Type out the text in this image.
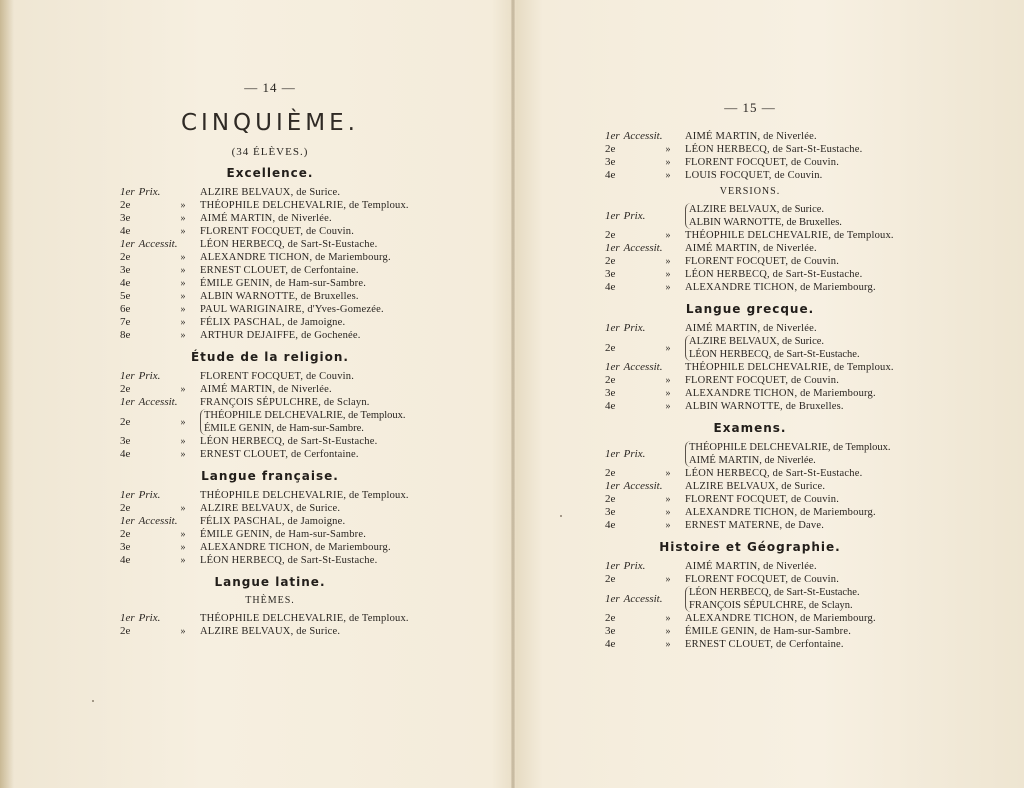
— 14 —
CINQUIÈME.
(34 ÉLÈVES.)
Excellence.
1er Prix.	ALZIRE BELVAUX, de Surice.
2e	»	THÉOPHILE DELCHEVALRIE, de Temploux.
3e	»	AIMÉ MARTIN, de Niverlée.
4e	»	FLORENT FOCQUET, de Couvin.
1er Accessit.	LÉON HERBECQ, de Sart-St-Eustache.
2e	»	ALEXANDRE TICHON, de Mariembourg.
3e	»	ERNEST CLOUET, de Cerfontaine.
4e	»	ÉMILE GENIN, de Ham-sur-Sambre.
5e	»	ALBIN WARNOTTE, de Bruxelles.
6e	»	PAUL WARIGINAIRE, d'Yves-Gomezée.
7e	»	FÉLIX PASCHAL, de Jamoigne.
8e	»	ARTHUR DEJAIFFE, de Gochenée.
Étude de la religion.
1er Prix.	FLORENT FOCQUET, de Couvin.
2e	»	AIMÉ MARTIN, de Niverlée.
1er Accessit.	FRANÇOIS SÉPULCHRE, de Sclayn.
2e	»
THÉOPHILE DELCHEVALRIE, de Temploux.
ÉMILE GENIN, de Ham-sur-Sambre.
3e	»	LÉON HERBECQ, de Sart-St-Eustache.
4e	»	ERNEST CLOUET, de Cerfontaine.
Langue française.
1er Prix.	THÉOPHILE DELCHEVALRIE, de Temploux.
2e	»	ALZIRE BELVAUX, de Surice.
1er Accessit.	FÉLIX PASCHAL, de Jamoigne.
2e	»	ÉMILE GENIN, de Ham-sur-Sambre.
3e	»	ALEXANDRE TICHON, de Mariembourg.
4e	»	LÉON HERBECQ, de Sart-St-Eustache.
Langue latine.
THÈMES.
1er Prix.	THÉOPHILE DELCHEVALRIE, de Temploux.
2e	»	ALZIRE BELVAUX, de Surice.
— 15 —
1er Accessit.	AIMÉ MARTIN, de Niverlée.
2e	»	LÉON HERBECQ, de Sart-St-Eustache.
3e	»	FLORENT FOCQUET, de Couvin.
4e	»	LOUIS FOCQUET, de Couvin.
VERSIONS.
1er Prix.	ALZIRE BELVAUX, de Surice.
ALBIN WARNOTTE, de Bruxelles.
2e	»	THÉOPHILE DELCHEVALRIE, de Temploux.
1er Accessit.	AIMÉ MARTIN, de Niverlée.
2e	»	FLORENT FOCQUET, de Couvin.
3e	»	LÉON HERBECQ, de Sart-St-Eustache.
4e	»	ALEXANDRE TICHON, de Mariembourg.
Langue grecque.
1er Prix.	AIMÉ MARTIN, de Niverlée.
2e	»
ALZIRE BELVAUX, de Surice.
LÉON HERBECQ, de Sart-St-Eustache.
1er Accessit.	THÉOPHILE DELCHEVALRIE, de Temploux.
2e	»	FLORENT FOCQUET, de Couvin.
3e	»	ALEXANDRE TICHON, de Mariembourg.
4e	»	ALBIN WARNOTTE, de Bruxelles.
Examens.
1er Prix.	THÉOPHILE DELCHEVALRIE, de Temploux.
AIMÉ MARTIN, de Niverlée.
2e	»	LÉON HERBECQ, de Sart-St-Eustache.
1er Accessit.	ALZIRE BELVAUX, de Surice.
2e	»	FLORENT FOCQUET, de Couvin.
3e	»	ALEXANDRE TICHON, de Mariembourg.
4e	»	ERNEST MATERNE, de Dave.
Histoire et Géographie.
1er Prix.	AIMÉ MARTIN, de Niverlée.
2e	»	FLORENT FOCQUET, de Couvin.
1er Accessit.	LÉON HERBECQ, de Sart-St-Eustache.
FRANÇOIS SÉPULCHRE, de Sclayn.
2e	»	ALEXANDRE TICHON, de Mariembourg.
3e	»	ÉMILE GENIN, de Ham-sur-Sambre.
4e	»	ERNEST CLOUET, de Cerfontaine.
